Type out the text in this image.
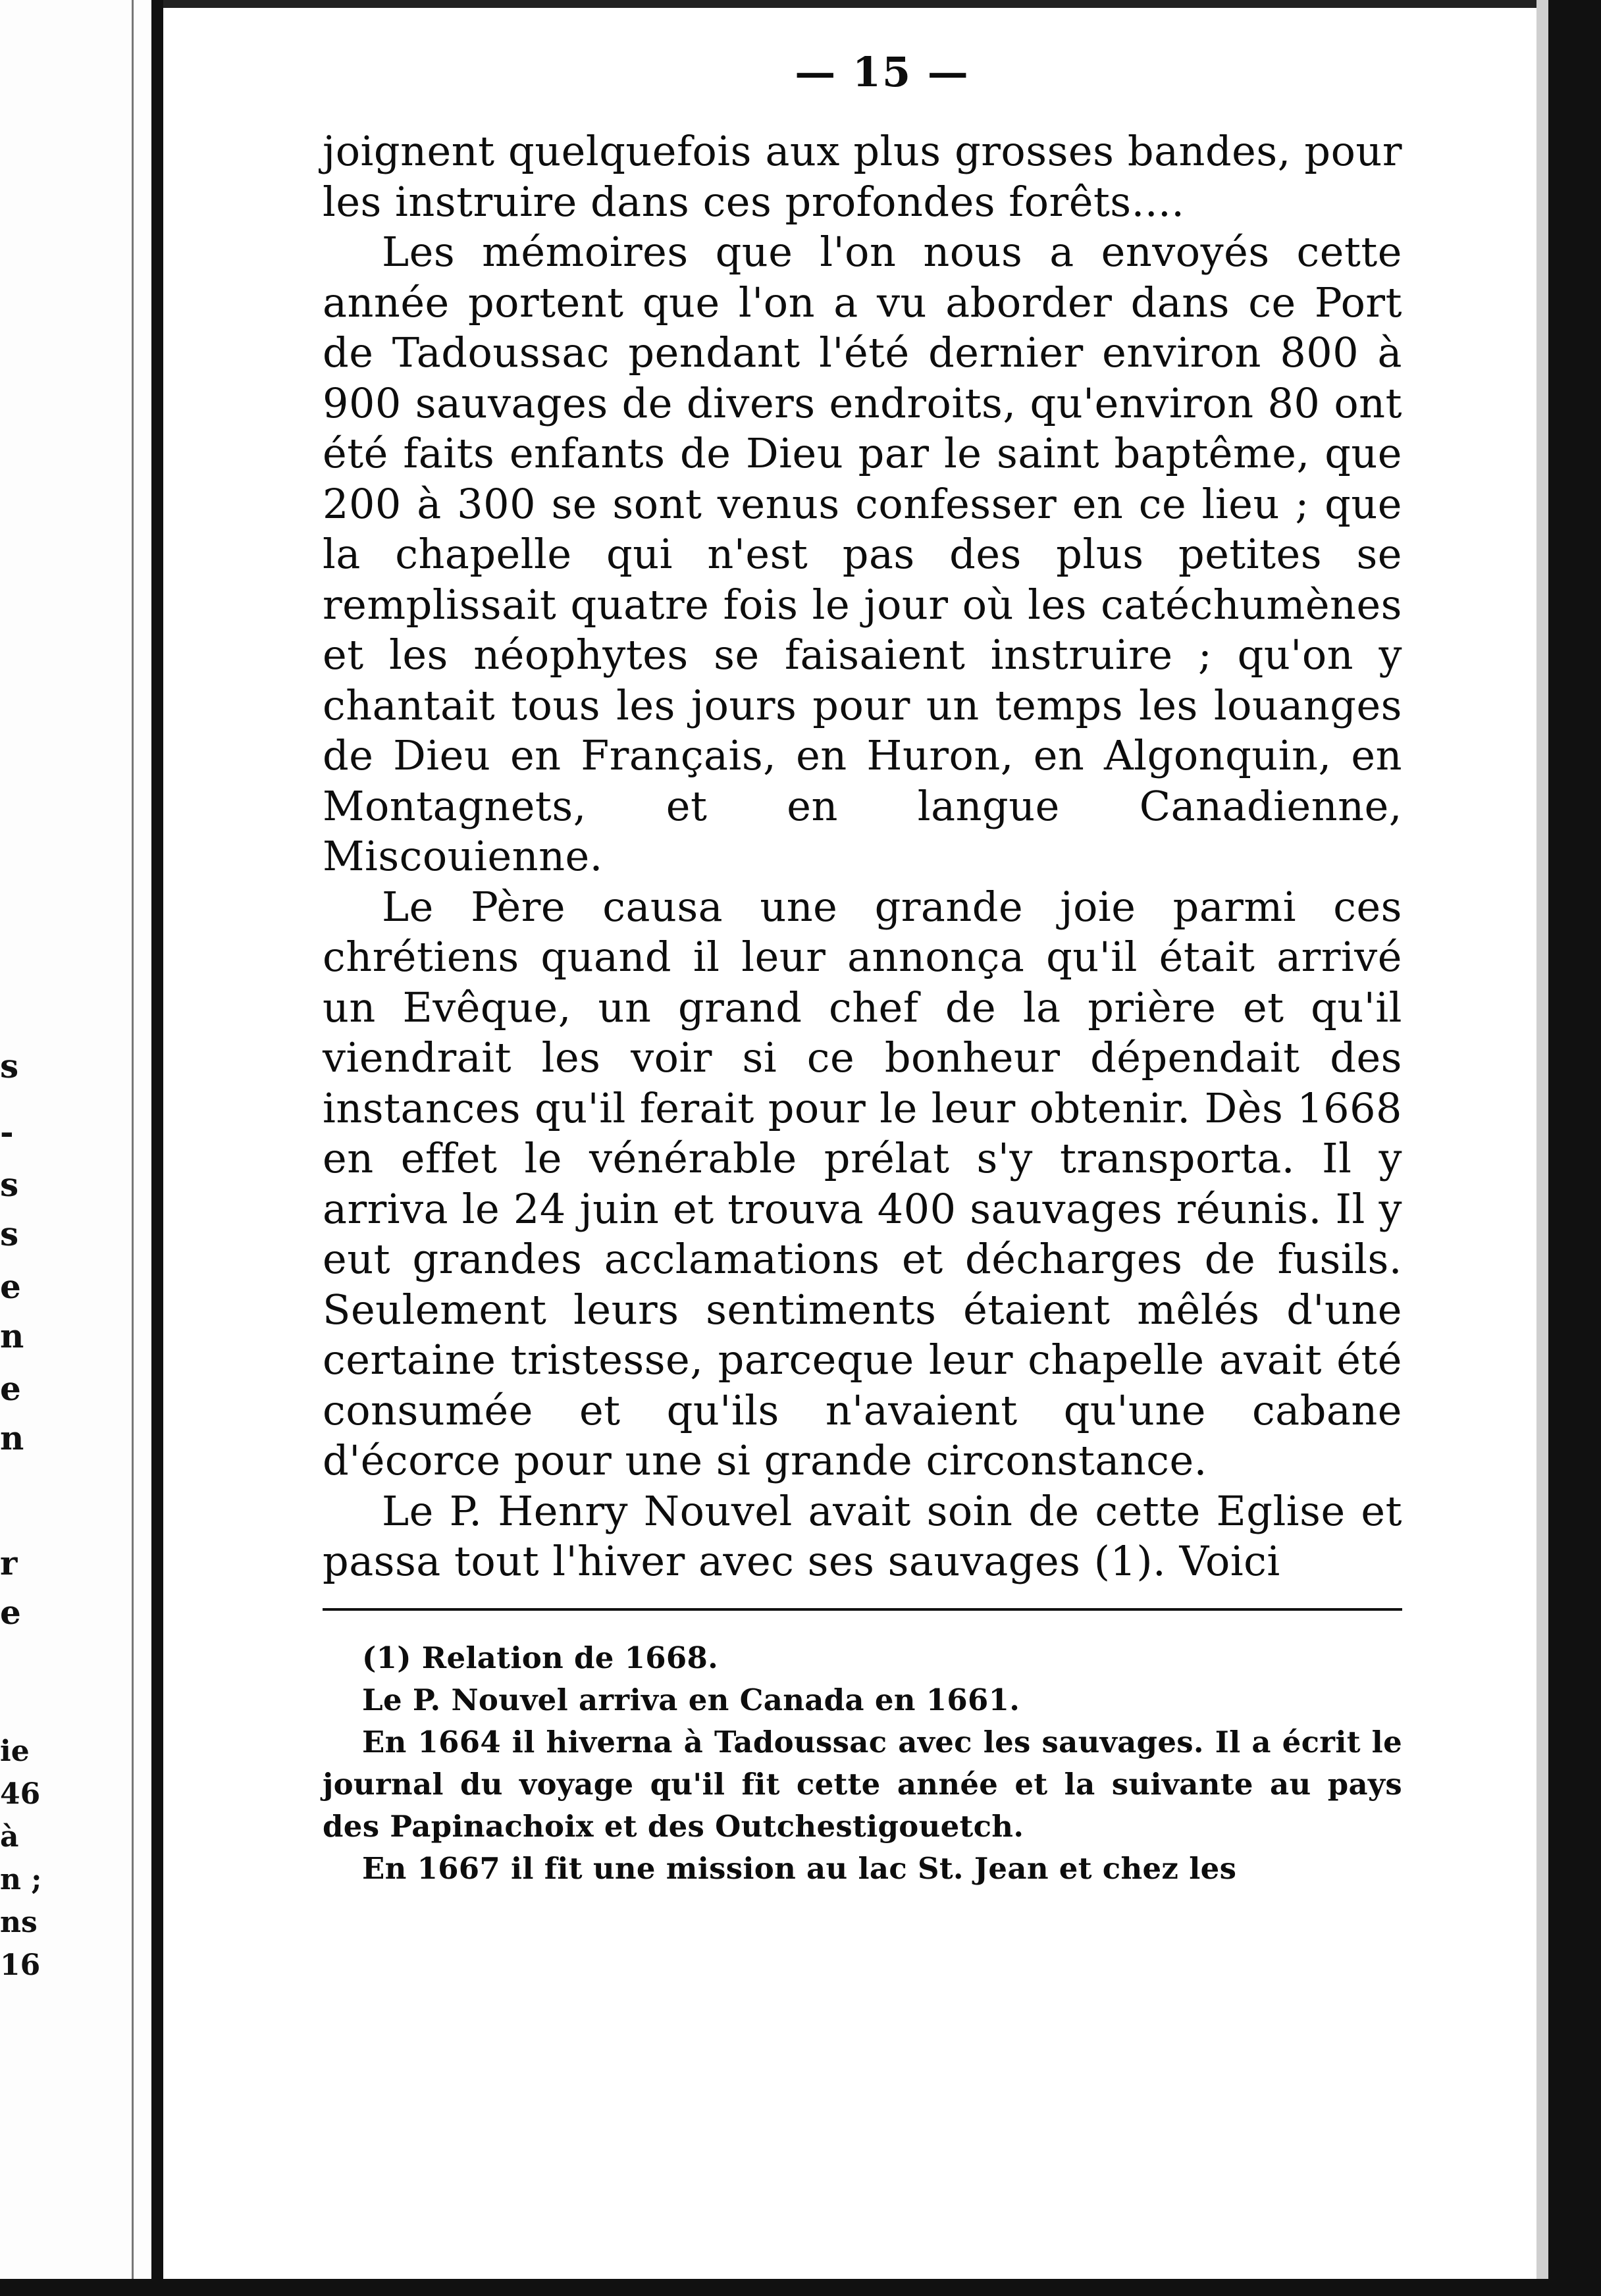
s
-
s
s
e
n
e
n
r
e
ie
46
à
n ;
ns
16
— 15 —

joignent quelquefois aux plus grosses bandes, pour les instruire dans ces profondes forêts....

Les mémoires que l'on nous a envoyés cette année portent que l'on a vu aborder dans ce Port de Tadoussac pendant l'été dernier environ 800 à 900 sauvages de divers endroits, qu'environ 80 ont été faits enfants de Dieu par le saint baptême, que 200 à 300 se sont venus confesser en ce lieu ; que la chapelle qui n'est pas des plus petites se remplissait quatre fois le jour où les catéchumènes et les néophytes se faisaient instruire ; qu'on y chantait tous les jours pour un temps les louanges de Dieu en Français, en Huron, en Algonquin, en Montagnets, et en langue Canadienne, Miscouienne.

Le Père causa une grande joie parmi ces chrétiens quand il leur annonça qu'il était arrivé un Evêque, un grand chef de la prière et qu'il viendrait les voir si ce bonheur dépendait des instances qu'il ferait pour le leur obtenir. Dès 1668 en effet le vénérable prélat s'y transporta. Il y arriva le 24 juin et trouva 400 sauvages réunis. Il y eut grandes acclamations et décharges de fusils. Seulement leurs sentiments étaient mêlés d'une certaine tristesse, parceque leur chapelle avait été consumée et qu'ils n'avaient qu'une cabane d'écorce pour une si grande circonstance.

Le P. Henry Nouvel avait soin de cette Eglise et passa tout l'hiver avec ses sauvages (1). Voici

(1) Relation de 1668.

Le P. Nouvel arriva en Canada en 1661.

En 1664 il hiverna à Tadoussac avec les sauvages. Il a écrit le journal du voyage qu'il fit cette année et la suivante au pays des Papinachoix et des Outchestigouetch.

En 1667 il fit une mission au lac St. Jean et chez les
